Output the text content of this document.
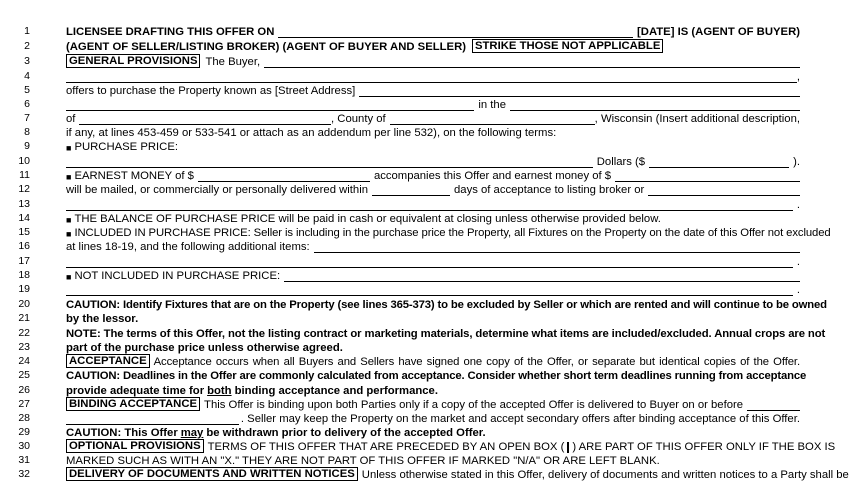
1	LICENSEE DRAFTING THIS OFFER ON	[DATE] IS (AGENT OF BUYER)
2	(AGENT OF SELLER/LISTING BROKER) (AGENT OF BUYER AND SELLER) STRIKE THOSE NOT APPLICABLE
3	GENERAL PROVISIONS The Buyer,
4	,
5	offers to purchase the Property known as [Street Address]
6	in the
7	of	, County of	, Wisconsin (Insert additional description,
8	if any, at lines 453-459 or 533-541 or attach as an addendum per line 532), on the following terms:
9	■ PURCHASE PRICE:
10	Dollars ($	).
11	■ EARNEST MONEY of $	accompanies this Offer and earnest money of $
12	will be mailed, or commercially or personally delivered within	days of acceptance to listing broker or
13	.
14	■ THE BALANCE OF PURCHASE PRICE will be paid in cash or equivalent at closing unless otherwise provided below.
15	■ INCLUDED IN PURCHASE PRICE: Seller is including in the purchase price the Property, all Fixtures on the Property on the date of this Offer not excluded
16	at lines 18-19, and the following additional items:
17	.
18	■ NOT INCLUDED IN PURCHASE PRICE:
19	.
20	CAUTION: Identify Fixtures that are on the Property (see lines 365-373) to be excluded by Seller or which are rented and will continue to be owned
21	by the lessor.
22	NOTE: The terms of this Offer, not the listing contract or marketing materials, determine what items are included/excluded. Annual crops are not
23	part of the purchase price unless otherwise agreed.
24	ACCEPTANCE Acceptance occurs when all Buyers and Sellers have signed one copy of the Offer, or separate but identical copies of the Offer.
25	CAUTION: Deadlines in the Offer are commonly calculated from acceptance. Consider whether short term deadlines running from acceptance
26	provide adequate time for both binding acceptance and performance.
27	BINDING ACCEPTANCE This Offer is binding upon both Parties only if a copy of the accepted Offer is delivered to Buyer on or before
28	. Seller may keep the Property on the market and accept secondary offers after binding acceptance of this Offer.
29	CAUTION: This Offer may be withdrawn prior to delivery of the accepted Offer.
30	OPTIONAL PROVISIONS TERMS OF THIS OFFER THAT ARE PRECEDED BY AN OPEN BOX ( ) ARE PART OF THIS OFFER ONLY IF THE BOX IS
31	MARKED SUCH AS WITH AN "X." THEY ARE NOT PART OF THIS OFFER IF MARKED "N/A" OR ARE LEFT BLANK.
32	DELIVERY OF DOCUMENTS AND WRITTEN NOTICES Unless otherwise stated in this Offer, delivery of documents and written notices to a Party shall be
